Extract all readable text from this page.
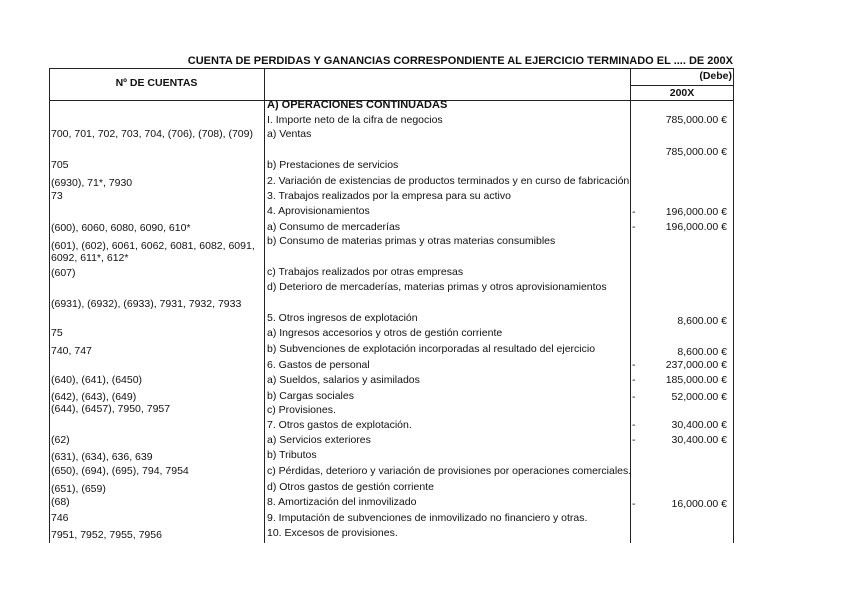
CUENTA DE PERDIDAS Y GANANCIAS CORRESPONDIENTE AL EJERCICIO TERMINADO EL .... DE 200X
Nº DE CUENTAS
(Debe)
200X
A) OPERACIONES CONTINUADAS
700, 701, 702, 703, 704, (706), (708), (709)
705
(6930), 71*, 7930
73
(600), 6060, 6080, 6090, 610*
(601), (602), 6061, 6062, 6081, 6082, 6091, 6092, 611*, 612*
(607)
(6931), (6932), (6933), 7931, 7932, 7933
75
740, 747
(640), (641), (6450)
(642), (643), (649)
(644), (6457), 7950, 7957
(62)
(631), (634), 636, 639
(650), (694), (695), 794, 7954
(651), (659)
(68)
746
7951, 7952, 7955, 7956
I. Importe neto de la cifra de negocios
a) Ventas
b) Prestaciones de servicios
2. Variación de existencias de productos terminados y en curso de fabricación
3. Trabajos realizados por la empresa para su activo
4. Aprovisionamientos
a) Consumo de mercaderías
b) Consumo de materias primas y otras materias consumibles
c) Trabajos realizados por otras empresas
d) Deterioro de mercaderías, materias primas y otros aprovisionamientos
5. Otros ingresos de explotación
a) Ingresos accesorios y otros de gestión corriente
b) Subvenciones de explotación incorporadas al resultado del ejercicio
6. Gastos de personal
a) Sueldos, salarios y asimilados
b) Cargas sociales
c) Provisiones.
7. Otros gastos de explotación.
a) Servicios exteriores
b) Tributos
c) Pérdidas, deterioro y variación de provisiones por operaciones comerciales.
d) Otros gastos de gestión corriente
8. Amortización del inmovilizado
9. Imputación de subvenciones de inmovilizado no financiero y otras.
10. Excesos de provisiones.
785,000.00 €
785,000.00 €
196,000.00 €
-
196,000.00 €
-
8,600.00 €
8,600.00 €
237,000.00 €
-
185,000.00 €
-
52,000.00 €
-
30,400.00 €
-
30,400.00 €
-
16,000.00 €
-
